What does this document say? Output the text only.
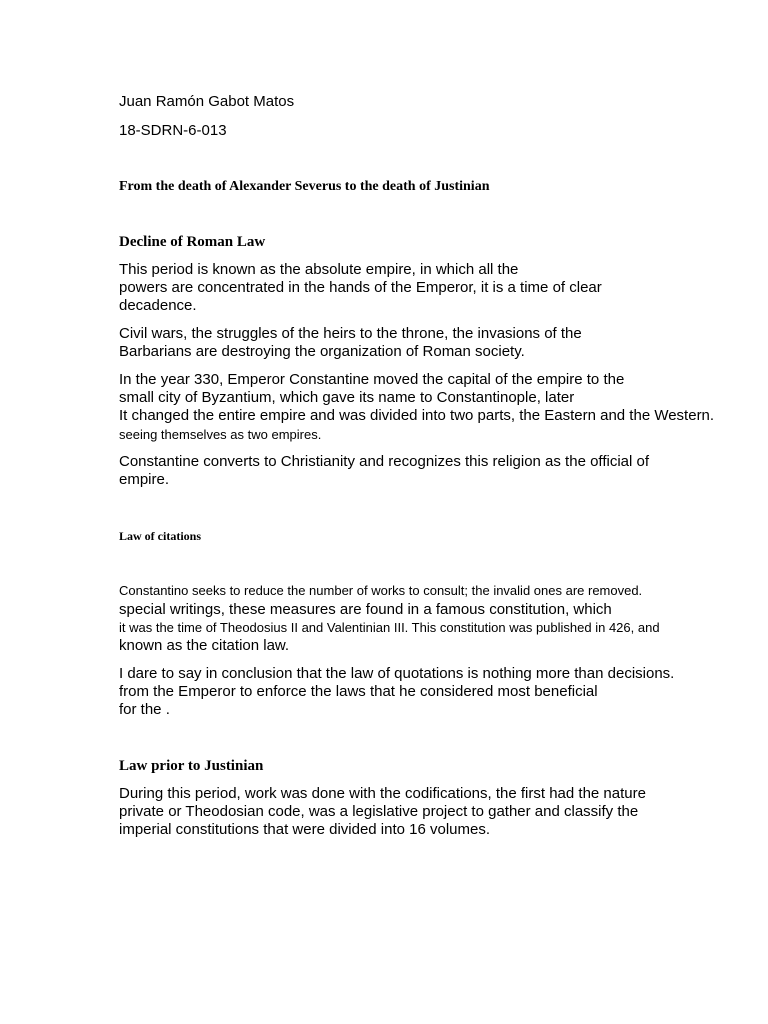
Juan Ramón Gabot Matos
18-SDRN-6-013
From the death of Alexander Severus to the death of Justinian
Decline of Roman Law
This period is known as the absolute empire, in which all the
powers are concentrated in the hands of the Emperor, it is a time of clear
decadence.
Civil wars, the struggles of the heirs to the throne, the invasions of the
Barbarians are destroying the organization of Roman society.
In the year 330, Emperor Constantine moved the capital of the empire to the
small city of Byzantium, which gave its name to Constantinople, later
It changed the entire empire and was divided into two parts, the Eastern and the Western.
seeing themselves as two empires.
Constantine converts to Christianity and recognizes this religion as the official of
empire.
Law of citations
Constantino seeks to reduce the number of works to consult; the invalid ones are removed.
special writings, these measures are found in a famous constitution, which
it was the time of Theodosius II and Valentinian III. This constitution was published in 426, and
known as the citation law.
I dare to say in conclusion that the law of quotations is nothing more than decisions.
from the Emperor to enforce the laws that he considered most beneficial
for the .
Law prior to Justinian
During this period, work was done with the codifications, the first had the nature
private or Theodosian code, was a legislative project to gather and classify the
imperial constitutions that were divided into 16 volumes.
